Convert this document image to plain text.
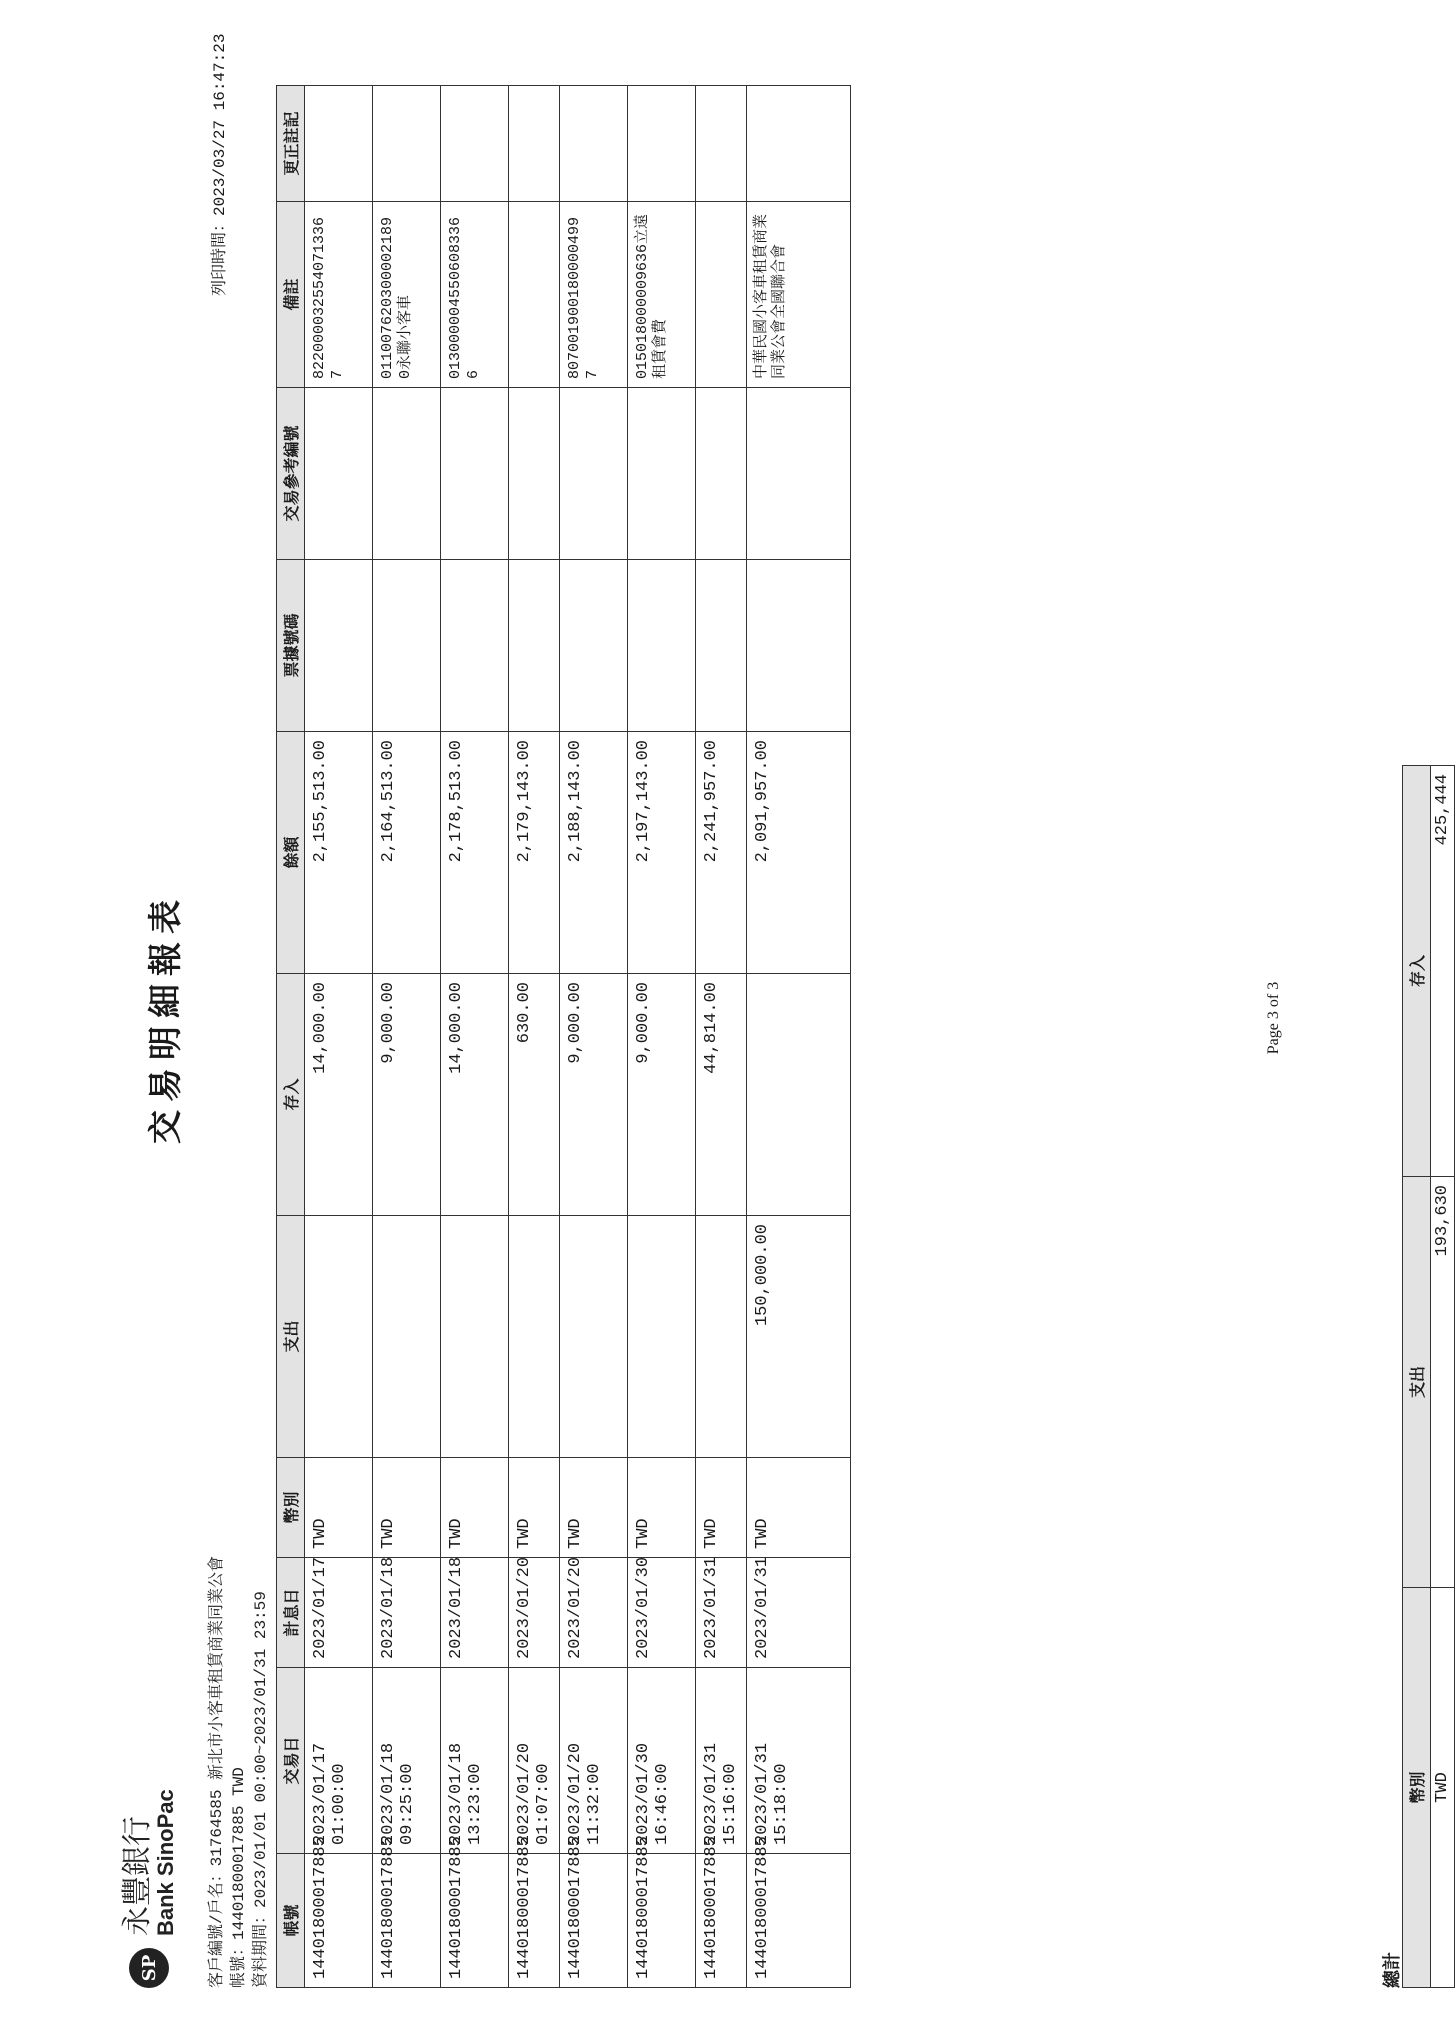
SP
永豐銀行
Bank SinoPac
交易明細報表
客戶編號/戶名：31764585 新北市小客車租賃商業同業公會 帳號：14401800017885 TWD 資料期間：2023/01/01 00:00~2023/01/31 23:59
列印時間：2023/03/27 16:47:23
帳號	交易日	計息日	幣別	支出	存入	餘額	票據號碼	交易參考編號	備註	更正註記
14401800017885	2023/01/17 01:00:00	2023/01/17	TWD		14,000.00	2,155,513.00			822000032554071336 7	
14401800017885	2023/01/18 09:25:00	2023/01/18	TWD		9,000.00	2,164,513.00			011007620300002189 0永聯小客車	
14401800017885	2023/01/18 13:23:00	2023/01/18	TWD		14,000.00	2,178,513.00			013000004550608336 6	
14401800017885	2023/01/20 01:07:00	2023/01/20	TWD		630.00	2,179,143.00				
14401800017885	2023/01/20 11:32:00	2023/01/20	TWD		9,000.00	2,188,143.00			807001900180000499 7	
14401800017885	2023/01/30 16:46:00	2023/01/30	TWD		9,000.00	2,197,143.00			015018000009636立遠租賃會費	
14401800017885	2023/01/31 15:16:00	2023/01/31	TWD		44,814.00	2,241,957.00				
14401800017885	2023/01/31 15:18:00	2023/01/31	TWD	150,000.00		2,091,957.00			中華民國小客車租賃商業同業公會全國聯合會	
總計
Page 3 of 3
幣別	支出	存入
TWD	193,630	425,444
